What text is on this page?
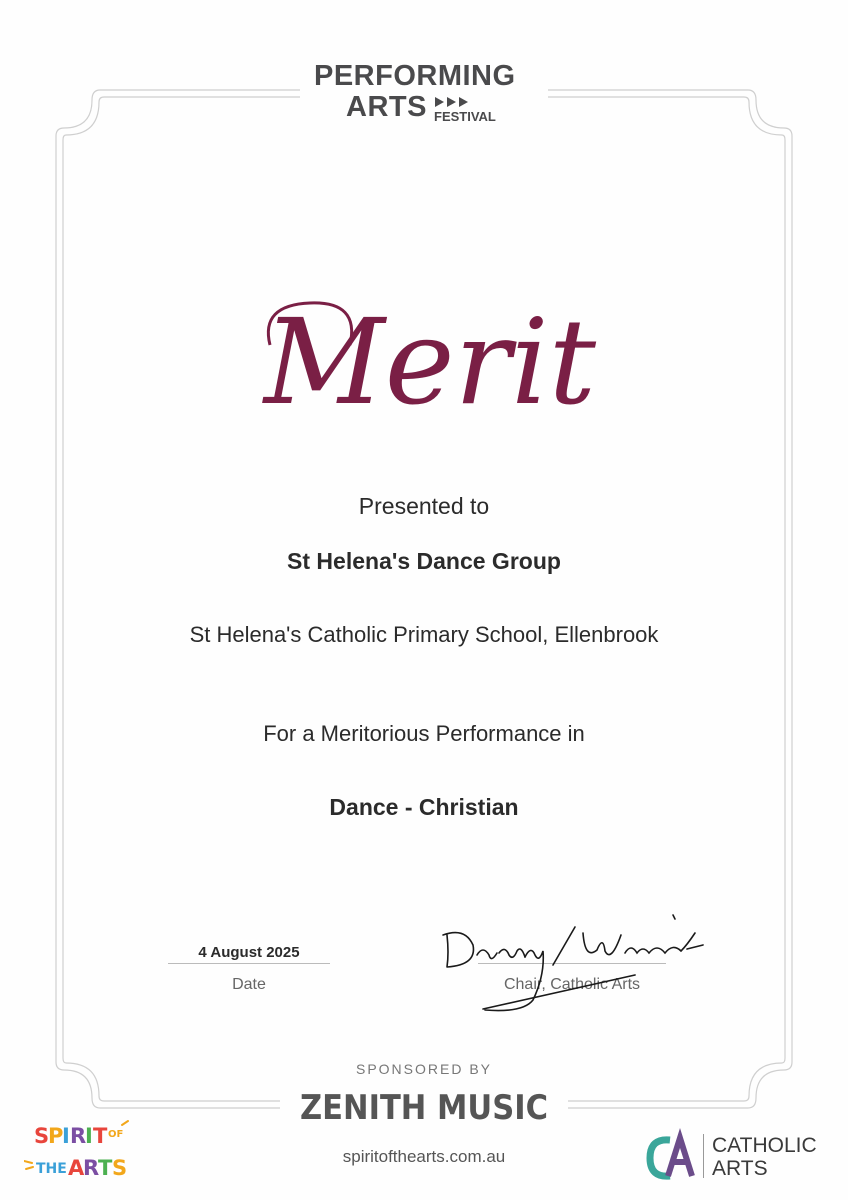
PERFORMING
ARTS FESTIVAL
Merit
Presented to
St Helena's Dance Group
St Helena's Catholic Primary School, Ellenbrook
For a Meritorious Performance in
Dance - Christian
4 August 2025
Date	Chair, Catholic Arts
SPONSORED BY
ZENITH MUSIC
spiritofthearts.com.au
S
P
I R
I T OF
THE A
R
T S
CATHOLIC
ARTS
